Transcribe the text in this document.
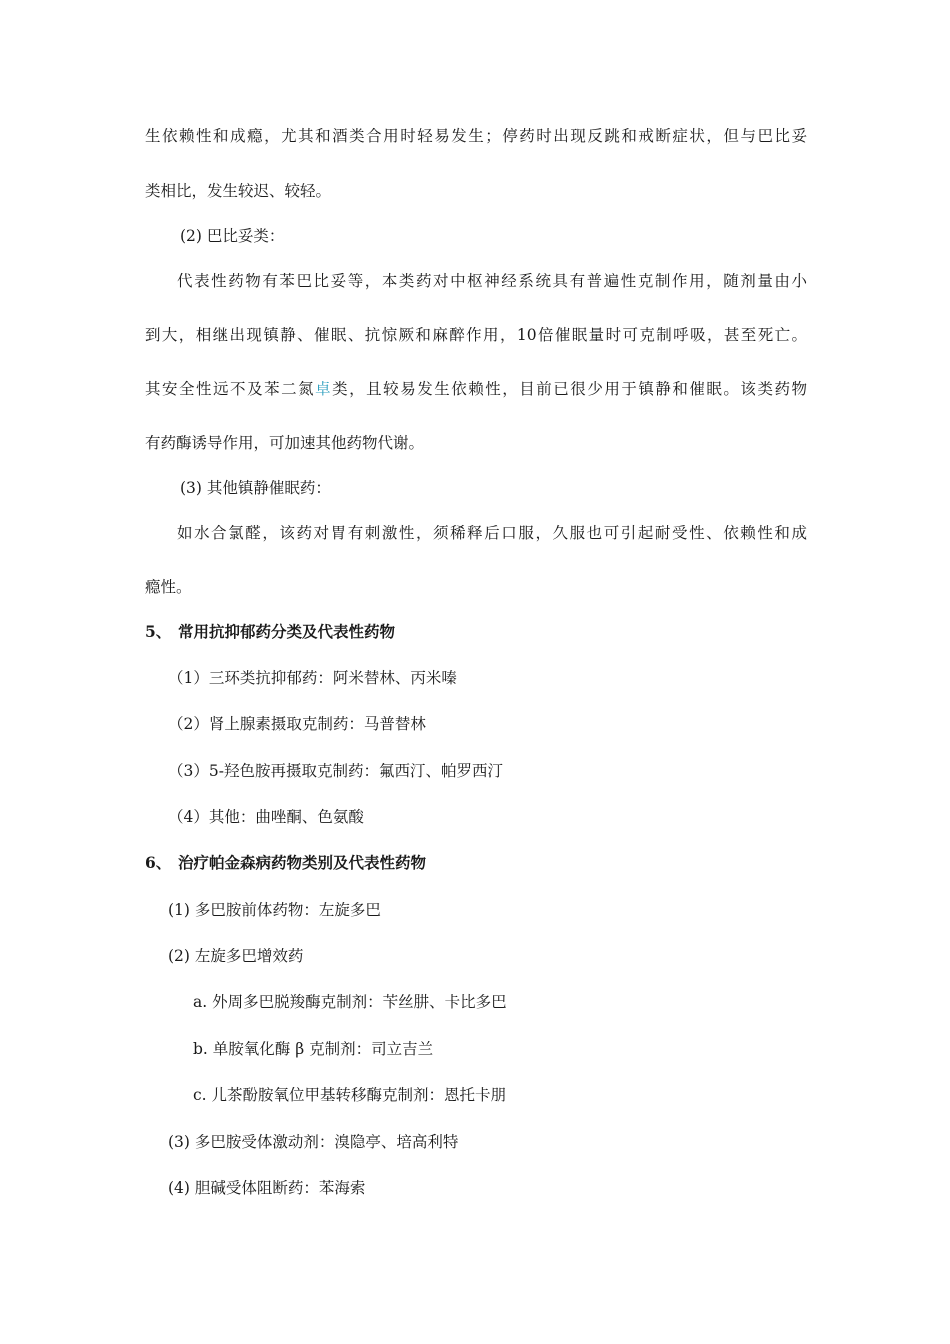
生依赖性和成瘾，尤其和酒类合用时轻易发生；停药时出现反跳和戒断症状，但与巴比妥
类相比，发生较迟、较轻。
(2) 巴比妥类：
代表性药物有苯巴比妥等，本类药对中枢神经系统具有普遍性克制作用，随剂量由小
到大，相继出现镇静、催眠、抗惊厥和麻醉作用，10倍催眠量时可克制呼吸，甚至死亡。
其安全性远不及苯二氮卓类，且较易发生依赖性，目前已很少用于镇静和催眠。该类药物
有药酶诱导作用，可加速其他药物代谢。
(3) 其他镇静催眠药：
如水合氯醛，该药对胃有刺激性，须稀释后口服，久服也可引起耐受性、依赖性和成
瘾性。
5、 常用抗抑郁药分类及代表性药物
（1）三环类抗抑郁药：阿米替林、丙米嗪
（2）肾上腺素摄取克制药：马普替林
（3）5-羟色胺再摄取克制药：氟西汀、帕罗西汀
（4）其他：曲唑酮、色氨酸
6、 治疗帕金森病药物类别及代表性药物
(1) 多巴胺前体药物：左旋多巴
(2) 左旋多巴增效药
a. 外周多巴脱羧酶克制剂：苄丝肼、卡比多巴
b. 单胺氧化酶 β 克制剂：司立吉兰
c. 儿茶酚胺氧位甲基转移酶克制剂：恩托卡朋
(3) 多巴胺受体激动剂：溴隐亭、培高利特
(4) 胆碱受体阻断药：苯海索
